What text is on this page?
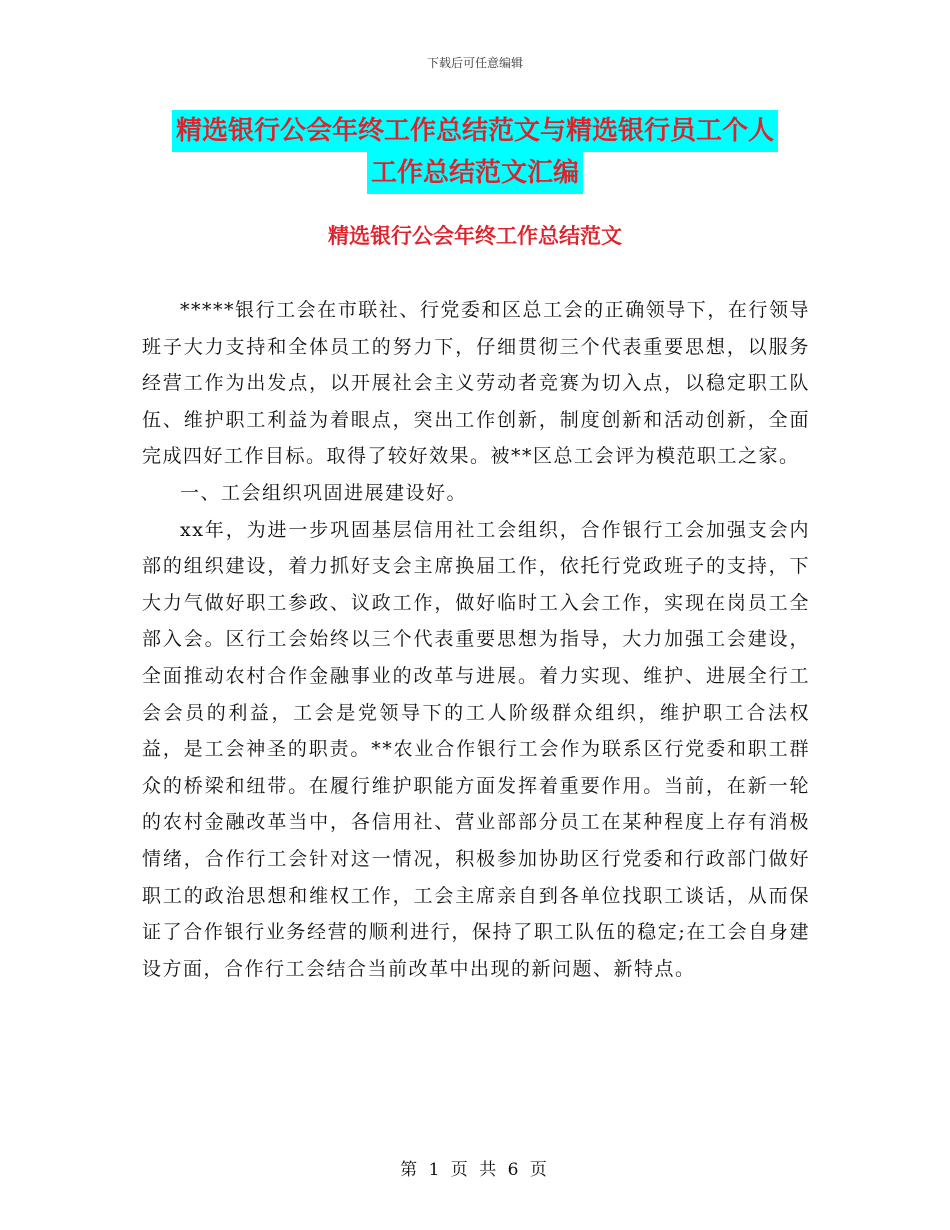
下载后可任意编辑
精选银行公会年终工作总结范文与精选银行员工个人
工作总结范文汇编
精选银行公会年终工作总结范文

*****银行工会在市联社、行党委和区总工会的正确领导下，在行领导班子大力支持和全体员工的努力下，仔细贯彻三个代表重要思想，以服务经营工作为出发点，以开展社会主义劳动者竞赛为切入点，以稳定职工队伍、维护职工利益为着眼点，突出工作创新，制度创新和活动创新，全面完成四好工作目标。取得了较好效果。被**区总工会评为模范职工之家。

一、工会组织巩固进展建设好。

xx年，为进一步巩固基层信用社工会组织，合作银行工会加强支会内部的组织建设，着力抓好支会主席换届工作，依托行党政班子的支持，下大力气做好职工参政、议政工作，做好临时工入会工作，实现在岗员工全部入会。区行工会始终以三个代表重要思想为指导，大力加强工会建设，全面推动农村合作金融事业的改革与进展。着力实现、维护、进展全行工会会员的利益，工会是党领导下的工人阶级群众组织，维护职工合法权益，是工会神圣的职责。**农业合作银行工会作为联系区行党委和职工群众的桥梁和纽带。在履行维护职能方面发挥着重要作用。当前，在新一轮的农村金融改革当中，各信用社、营业部部分员工在某种程度上存有消极情绪，合作行工会针对这一情况，积极参加协助区行党委和行政部门做好职工的政治思想和维权工作，工会主席亲自到各单位找职工谈话，从而保证了合作银行业务经营的顺利进行，保持了职工队伍的稳定;在工会自身建设方面，合作行工会结合当前改革中出现的新问题、新特点。

第 1 页 共 6 页
